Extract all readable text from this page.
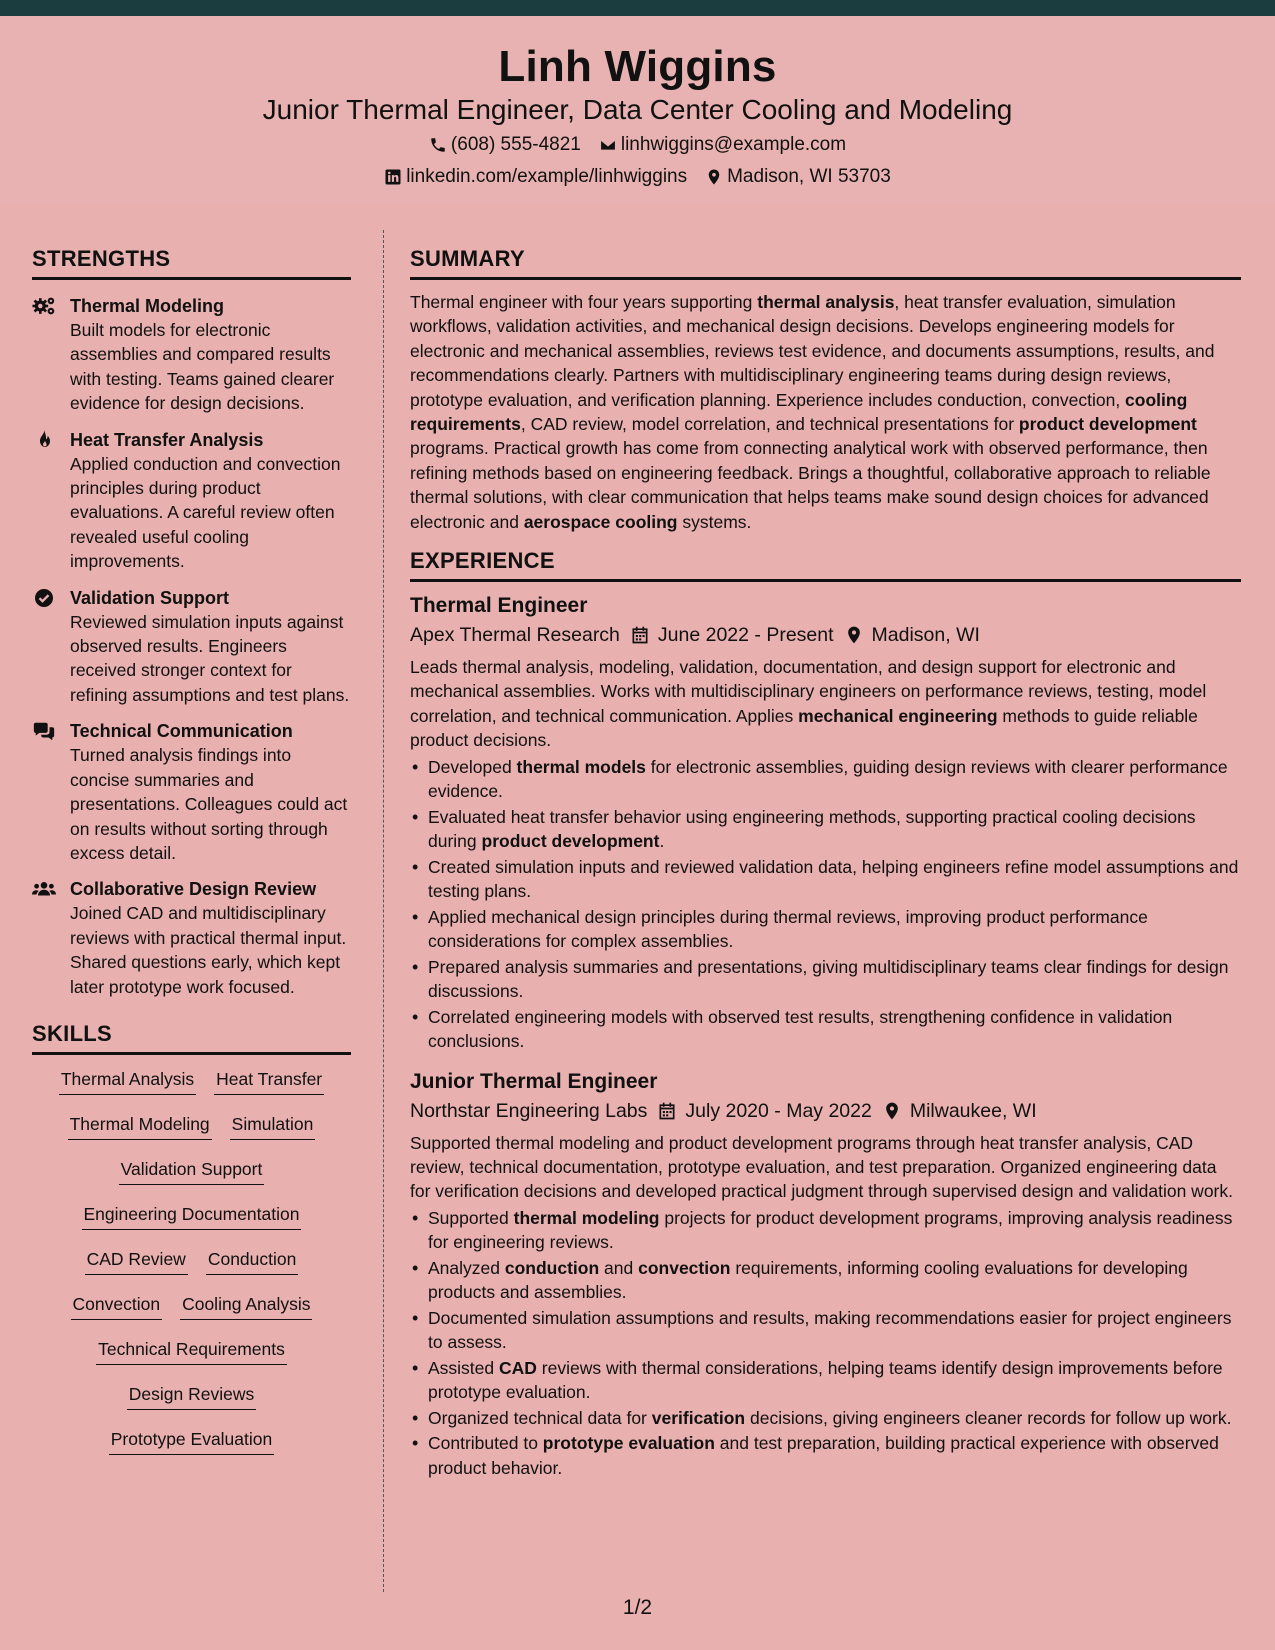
Linh Wiggins
Junior Thermal Engineer, Data Center Cooling and Modeling
(608) 555-4821 linhwiggins@example.com
linkedin.com/example/linhwiggins Madison, WI 53703
STRENGTHS
Thermal Modeling
Built models for electronic assemblies and compared results with testing. Teams gained clearer evidence for design decisions.
Heat Transfer Analysis
Applied conduction and convection principles during product evaluations. A careful review often revealed useful cooling improvements.
Validation Support
Reviewed simulation inputs against observed results. Engineers received stronger context for refining assumptions and test plans.
Technical Communication
Turned analysis findings into concise summaries and presentations. Colleagues could act on results without sorting through excess detail.
Collaborative Design Review
Joined CAD and multidisciplinary reviews with practical thermal input. Shared questions early, which kept later prototype work focused.
SKILLS
Thermal Analysis Heat Transfer
Thermal Modeling Simulation
Validation Support
Engineering Documentation
CAD Review Conduction
Convection Cooling Analysis
Technical Requirements
Design Reviews
Prototype Evaluation
SUMMARY
Thermal engineer with four years supporting thermal analysis, heat transfer evaluation, simulation workflows, validation activities, and mechanical design decisions. Develops engineering models for electronic and mechanical assemblies, reviews test evidence, and documents assumptions, results, and recommendations clearly. Partners with multidisciplinary engineering teams during design reviews, prototype evaluation, and verification planning. Experience includes conduction, convection, cooling requirements, CAD review, model correlation, and technical presentations for product development programs. Practical growth has come from connecting analytical work with observed performance, then refining methods based on engineering feedback. Brings a thoughtful, collaborative approach to reliable thermal solutions, with clear communication that helps teams make sound design choices for advanced electronic and aerospace cooling systems.
EXPERIENCE
Thermal Engineer
Apex Thermal Research June 2022 - Present Madison, WI
Leads thermal analysis, modeling, validation, documentation, and design support for electronic and mechanical assemblies. Works with multidisciplinary engineers on performance reviews, testing, model correlation, and technical communication. Applies mechanical engineering methods to guide reliable product decisions.
• Developed thermal models for electronic assemblies, guiding design reviews with clearer performance evidence.
• Evaluated heat transfer behavior using engineering methods, supporting practical cooling decisions during product development.
• Created simulation inputs and reviewed validation data, helping engineers refine model assumptions and testing plans.
• Applied mechanical design principles during thermal reviews, improving product performance considerations for complex assemblies.
• Prepared analysis summaries and presentations, giving multidisciplinary teams clear findings for design discussions.
• Correlated engineering models with observed test results, strengthening confidence in validation conclusions.
Junior Thermal Engineer
Northstar Engineering Labs July 2020 - May 2022 Milwaukee, WI
Supported thermal modeling and product development programs through heat transfer analysis, CAD review, technical documentation, prototype evaluation, and test preparation. Organized engineering data for verification decisions and developed practical judgment through supervised design and validation work.
• Supported thermal modeling projects for product development programs, improving analysis readiness for engineering reviews.
• Analyzed conduction and convection requirements, informing cooling evaluations for developing products and assemblies.
• Documented simulation assumptions and results, making recommendations easier for project engineers to assess.
• Assisted CAD reviews with thermal considerations, helping teams identify design improvements before prototype evaluation.
• Organized technical data for verification decisions, giving engineers cleaner records for follow up work.
• Contributed to prototype evaluation and test preparation, building practical experience with observed product behavior.
1/2
